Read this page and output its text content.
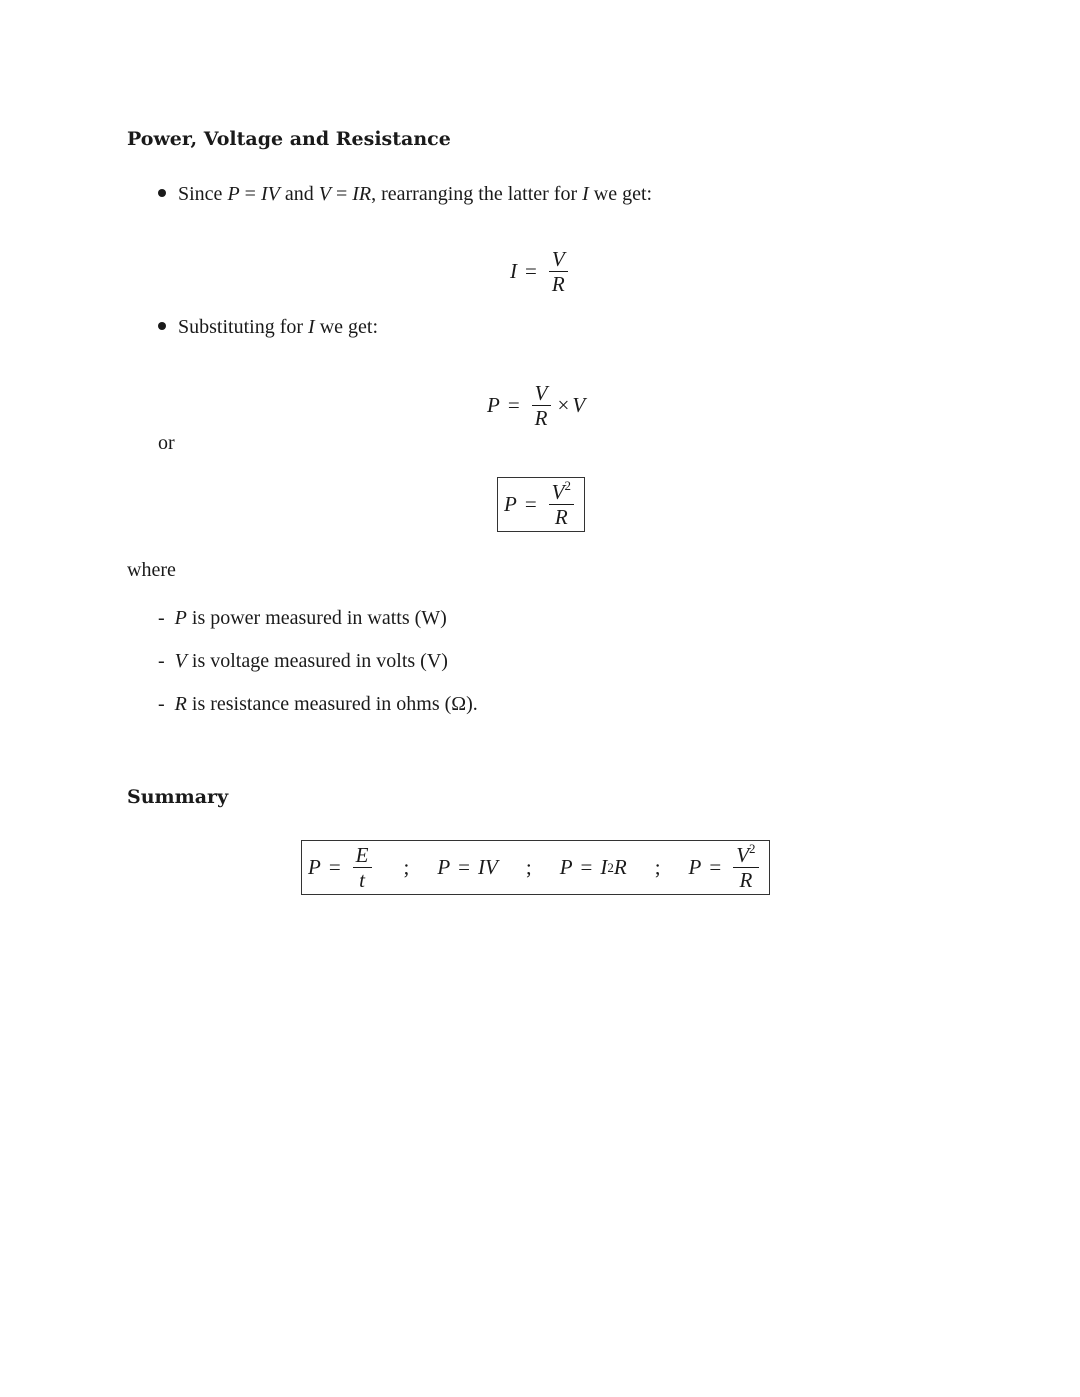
Power, Voltage and Resistance
Since P = IV and V = IR, rearranging the latter for I we get:
$I = \frac{V}{R}$
Substituting for I we get:
$P = \frac{V}{R} \times V$
or
$P = \frac{V^2}{R}$
where
- P is power measured in watts (W)
- V is voltage measured in volts (V)
- R is resistance measured in ohms (Ω).
Summary
$P = \frac{E}{t}$ ; P = IV ; P = I 2 R ; $P = \frac{V^2}{R}$
